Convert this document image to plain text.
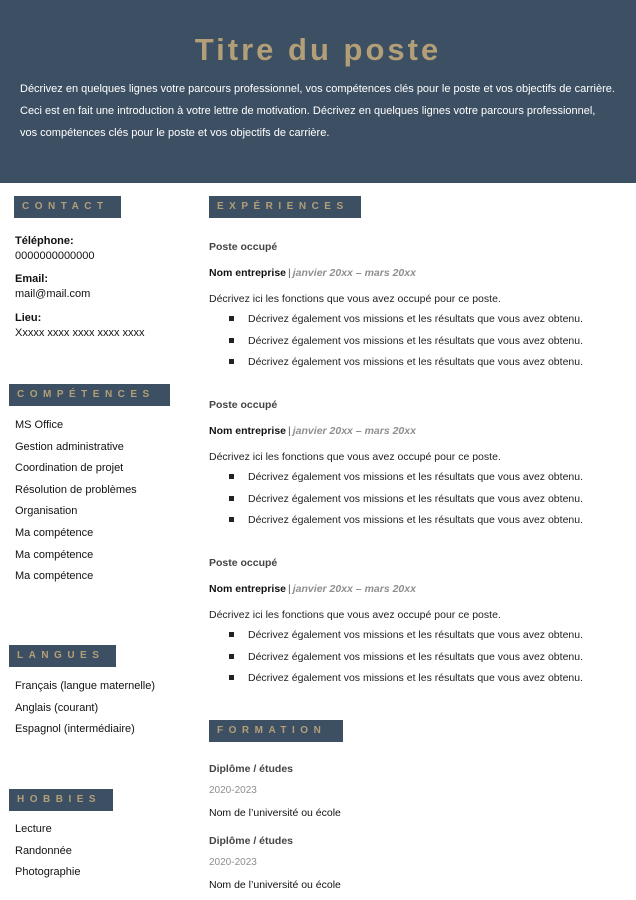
Titre du poste
Décrivez en quelques lignes votre parcours professionnel, vos compétences clés pour le poste et vos objectifs de carrière.
Ceci est en fait une introduction à votre lettre de motivation. Décrivez en quelques lignes votre parcours professionnel,
vos compétences clés pour le poste et vos objectifs de carrière.
CONTACT
Téléphone:
0000000000000
Email:
mail@mail.com
Lieu:
Xxxxx xxxx xxxx xxxx xxxx
COMPÉTENCES
MS Office
Gestion administrative
Coordination de projet
Résolution de problèmes
Organisation
Ma compétence
Ma compétence
Ma compétence
LANGUES
Français (langue maternelle)
Anglais (courant)
Espagnol (intermédiaire)
HOBBIES
Lecture
Randonnée
Photographie
EXPÉRIENCES
Poste occupé
Nom entreprise | janvier 20xx – mars 20xx
Décrivez ici les fonctions que vous avez occupé pour ce poste.
Décrivez également vos missions et les résultats que vous avez obtenu.
Décrivez également vos missions et les résultats que vous avez obtenu.
Décrivez également vos missions et les résultats que vous avez obtenu.
Poste occupé
Nom entreprise | janvier 20xx – mars 20xx
Décrivez ici les fonctions que vous avez occupé pour ce poste.
Décrivez également vos missions et les résultats que vous avez obtenu.
Décrivez également vos missions et les résultats que vous avez obtenu.
Décrivez également vos missions et les résultats que vous avez obtenu.
Poste occupé
Nom entreprise | janvier 20xx – mars 20xx
Décrivez ici les fonctions que vous avez occupé pour ce poste.
Décrivez également vos missions et les résultats que vous avez obtenu.
Décrivez également vos missions et les résultats que vous avez obtenu.
Décrivez également vos missions et les résultats que vous avez obtenu.
FORMATION
Diplôme / études
2020-2023
Nom de l’université ou école
Diplôme / études
2020-2023
Nom de l’université ou école
